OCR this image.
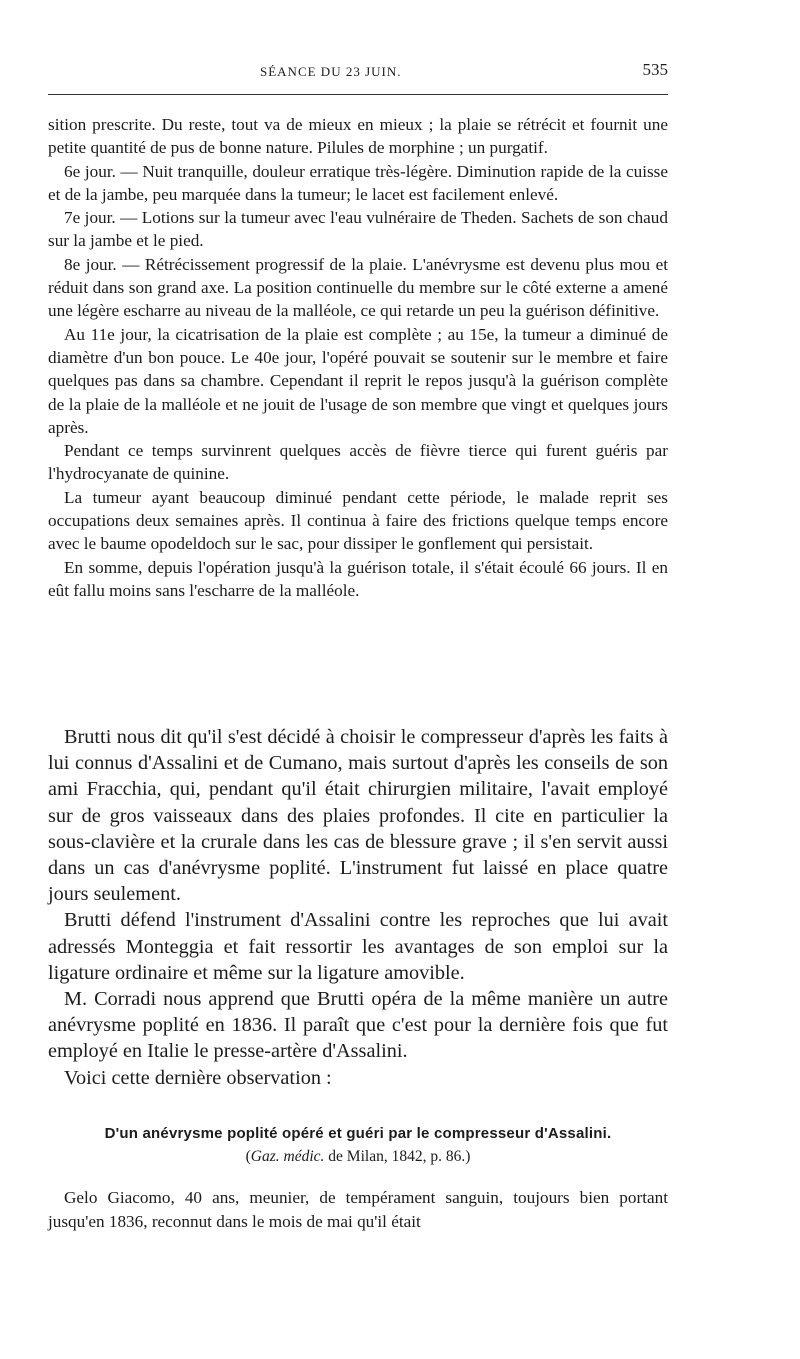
SÉANCE DU 23 JUIN.	535

sition prescrite. Du reste, tout va de mieux en mieux ; la plaie se rétrécit et fournit une petite quantité de pus de bonne nature. Pilules de morphine ; un purgatif.

6e jour. — Nuit tranquille, douleur erratique très-légère. Diminution rapide de la cuisse et de la jambe, peu marquée dans la tumeur; le lacet est facilement enlevé.

7e jour. — Lotions sur la tumeur avec l'eau vulnéraire de Theden. Sachets de son chaud sur la jambe et le pied.

8e jour. — Rétrécissement progressif de la plaie. L'anévrysme est devenu plus mou et réduit dans son grand axe. La position continuelle du membre sur le côté externe a amené une légère escharre au niveau de la malléole, ce qui retarde un peu la guérison définitive.

Au 11e jour, la cicatrisation de la plaie est complète ; au 15e, la tumeur a diminué de diamètre d'un bon pouce. Le 40e jour, l'opéré pouvait se soutenir sur le membre et faire quelques pas dans sa chambre. Cependant il reprit le repos jusqu'à la guérison complète de la plaie de la malléole et ne jouit de l'usage de son membre que vingt et quelques jours après.

Pendant ce temps survinrent quelques accès de fièvre tierce qui furent guéris par l'hydrocyanate de quinine.

La tumeur ayant beaucoup diminué pendant cette période, le malade reprit ses occupations deux semaines après. Il continua à faire des frictions quelque temps encore avec le baume opodeldoch sur le sac, pour dissiper le gonflement qui persistait.

En somme, depuis l'opération jusqu'à la guérison totale, il s'était écoulé 66 jours. Il en eût fallu moins sans l'escharre de la malléole.

Brutti nous dit qu'il s'est décidé à choisir le compresseur d'après les faits à lui connus d'Assalini et de Cumano, mais surtout d'après les conseils de son ami Fracchia, qui, pendant qu'il était chirurgien militaire, l'avait employé sur de gros vaisseaux dans des plaies profondes. Il cite en particulier la sous-clavière et la crurale dans les cas de blessure grave ; il s'en servit aussi dans un cas d'anévrysme poplité. L'instrument fut laissé en place quatre jours seulement.

Brutti défend l'instrument d'Assalini contre les reproches que lui avait adressés Monteggia et fait ressortir les avantages de son emploi sur la ligature ordinaire et même sur la ligature amovible.

M. Corradi nous apprend que Brutti opéra de la même manière un autre anévrysme poplité en 1836. Il paraît que c'est pour la dernière fois que fut employé en Italie le presse-artère d'Assalini.

Voici cette dernière observation :

D'un anévrysme poplité opéré et guéri par le compresseur d'Assalini.
(Gaz. médic. de Milan, 1842, p. 86.)

Gelo Giacomo, 40 ans, meunier, de tempérament sanguin, toujours bien portant jusqu'en 1836, reconnut dans le mois de mai qu'il était
